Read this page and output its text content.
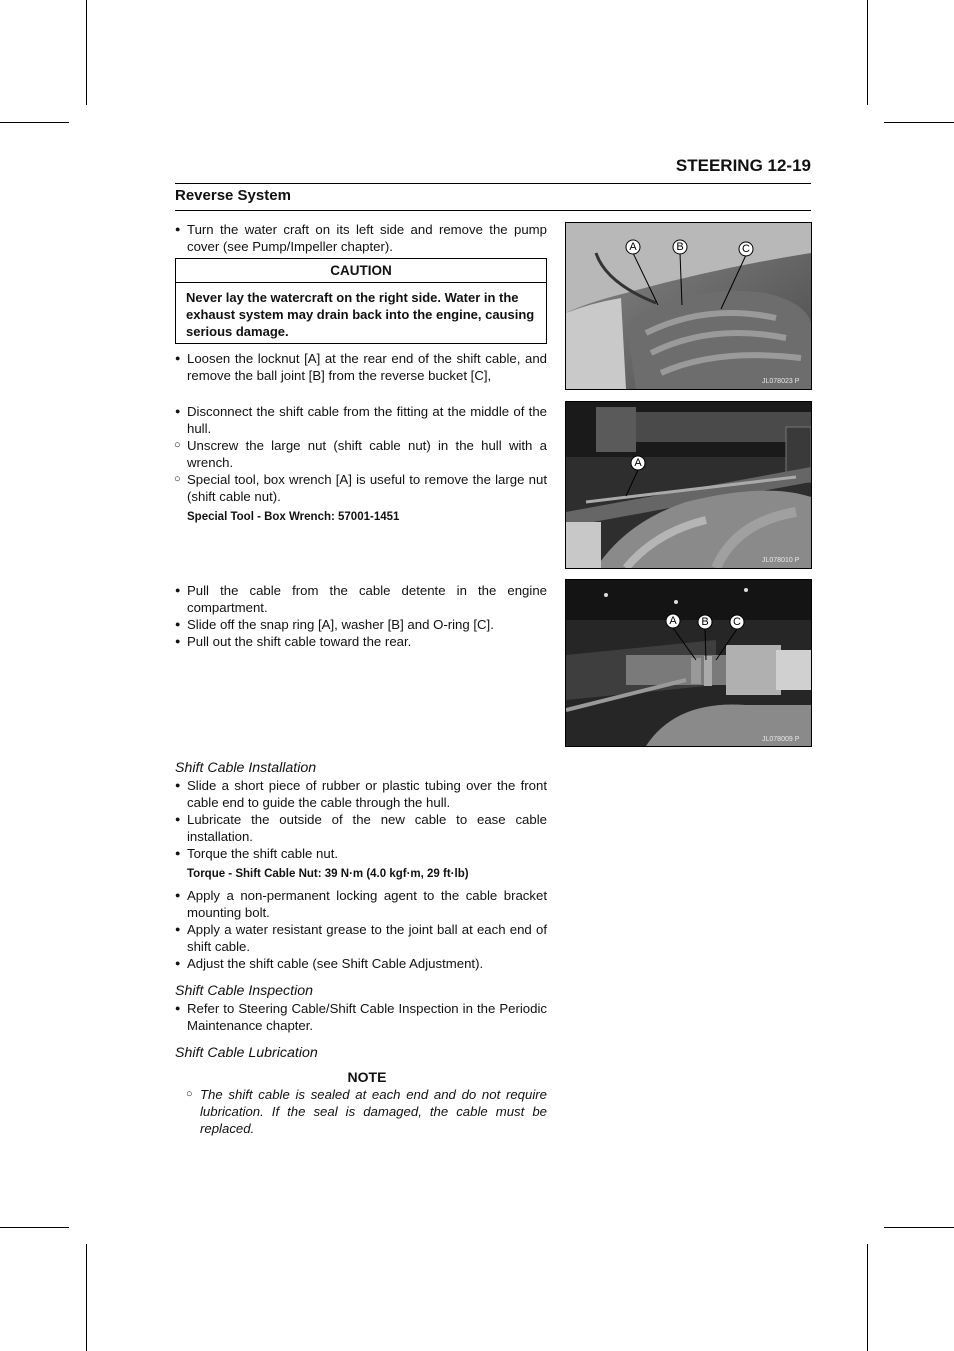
STEERING 12-19
Reverse System

● Turn the water craft on its left side and remove the pump cover (see Pump/Impeller chapter).

CAUTION
Never lay the watercraft on the right side. Water in the exhaust system may drain back into the engine, causing serious damage.

● Loosen the locknut [A] at the rear end of the shift cable, and remove the ball joint [B] from the reverse bucket [C],

● Disconnect the shift cable from the fitting at the middle of the hull.

○ Unscrew the large nut (shift cable nut) in the hull with a wrench.

○ Special tool, box wrench [A] is useful to remove the large nut (shift cable nut).

Special Tool - Box Wrench: 57001-1451

● Pull the cable from the cable detente in the engine compartment.

● Slide off the snap ring [A], washer [B] and O-ring [C].

● Pull out the shift cable toward the rear.

Shift Cable Installation

● Slide a short piece of rubber or plastic tubing over the front cable end to guide the cable through the hull.

● Lubricate the outside of the new cable to ease cable installation.

● Torque the shift cable nut.

Torque - Shift Cable Nut: 39 N·m (4.0 kgf·m, 29 ft·lb)

● Apply a non-permanent locking agent to the cable bracket mounting bolt.

● Apply a water resistant grease to the joint ball at each end of shift cable.

● Adjust the shift cable (see Shift Cable Adjustment).

Shift Cable Inspection

● Refer to Steering Cable/Shift Cable Inspection in the Periodic Maintenance chapter.

Shift Cable Lubrication

NOTE

○ The shift cable is sealed at each end and do not require lubrication. If the seal is damaged, the cable must be replaced.

A	B	C
JL078023 P
A
JL078010 P
A B C
JL078009 P
